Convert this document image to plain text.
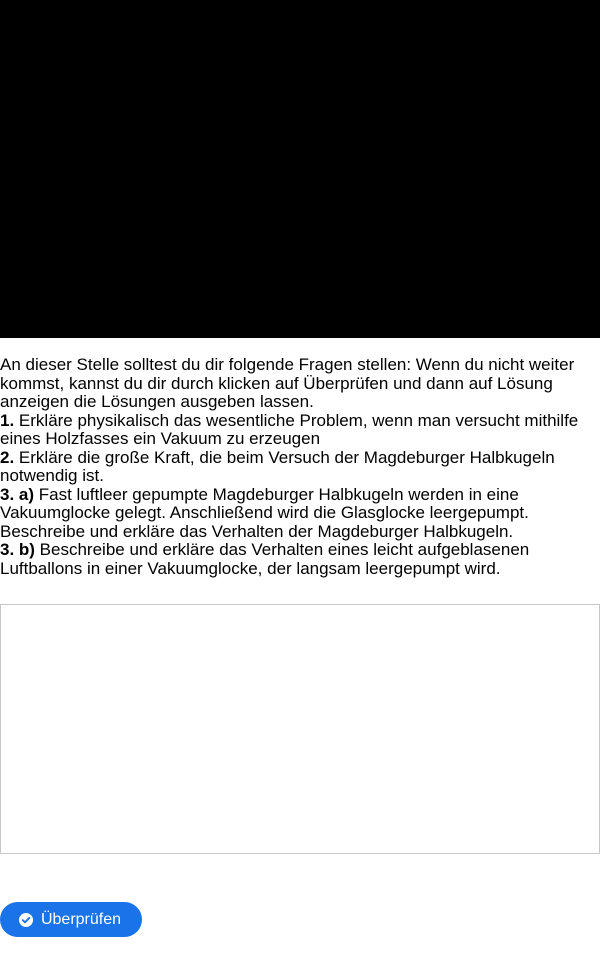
An dieser Stelle solltest du dir folgende Fragen stellen: Wenn du nicht weiter kommst, kannst du dir durch klicken auf Überprüfen und dann auf Lösung anzeigen die Lösungen ausgeben lassen.

1. Erkläre physikalisch das wesentliche Problem, wenn man versucht mithilfe eines Holzfasses ein Vakuum zu erzeugen

2. Erkläre die große Kraft, die beim Versuch der Magdeburger Halbkugeln notwendig ist.

3. a) Fast luftleer gepumpte Magdeburger Halbkugeln werden in eine Vakuumglocke gelegt. Anschließend wird die Glasglocke leergepumpt. Beschreibe und erkläre das Verhalten der Magdeburger Halbkugeln.

3. b) Beschreibe und erkläre das Verhalten eines leicht aufgeblasenen Luftballons in einer Vakuumglocke, der langsam leergepumpt wird.

Überprüfen
